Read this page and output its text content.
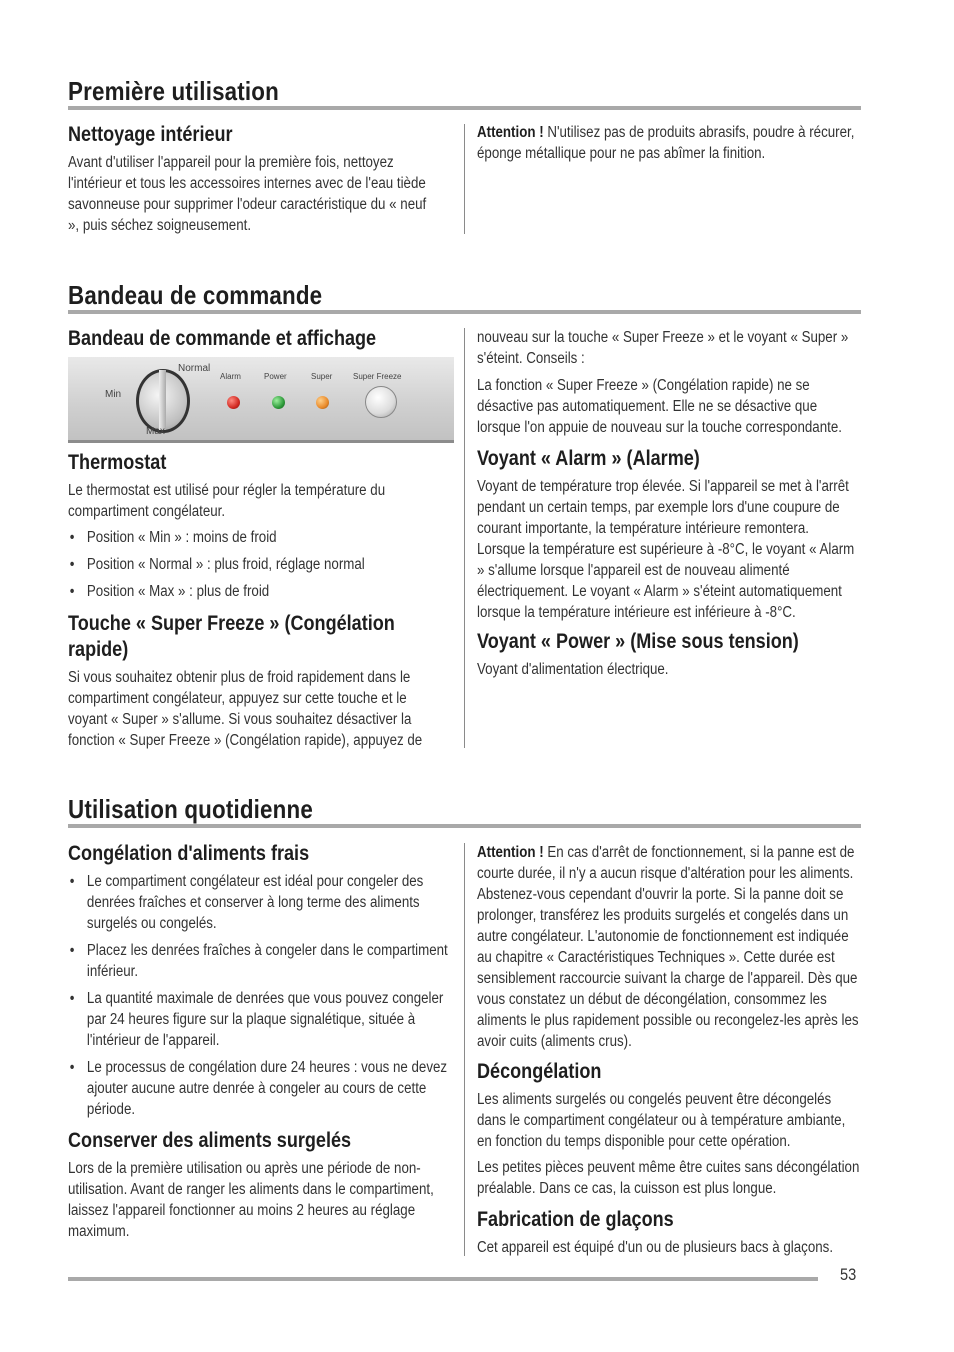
Première utilisation
Nettoyage intérieur
Avant d'utiliser l'appareil pour la première fois, nettoyez l'intérieur et tous les accessoires internes avec de l'eau tiède savonneuse pour supprimer l'odeur caractéristique du « neuf », puis séchez soigneusement.
Attention ! N'utilisez pas de produits abrasifs, poudre à récurer, éponge métallique pour ne pas abîmer la finition.
Bandeau de commande
Bandeau de commande et affichage
Normal
Min
Max
Alarm	Power	Super	Super Freeze
Thermostat
Le thermostat est utilisé pour régler la température du compartiment congélateur.
• Position « Min » : moins de froid
• Position « Normal » : plus froid, réglage normal
• Position « Max » : plus de froid
Touche « Super Freeze » (Congélation rapide)
Si vous souhaitez obtenir plus de froid rapidement dans le compartiment congélateur, appuyez sur cette touche et le voyant « Super » s'allume. Si vous souhaitez désactiver la fonction « Super Freeze » (Congélation rapide), appuyez de
nouveau sur la touche « Super Freeze » et le voyant « Super » s'éteint. Conseils :
La fonction « Super Freeze » (Congélation rapide) ne se désactive pas automatiquement. Elle ne se désactive que lorsque l'on appuie de nouveau sur la touche correspondante.
Voyant « Alarm » (Alarme)
Voyant de température trop élevée. Si l'appareil se met à l'arrêt pendant un certain temps, par exemple lors d'une coupure de courant importante, la température intérieure remontera. Lorsque la température est supérieure à -8°C, le voyant « Alarm » s'allume lorsque l'appareil est de nouveau alimenté électriquement. Le voyant « Alarm » s'éteint automatiquement lorsque la température intérieure est inférieure à -8°C.
Voyant « Power » (Mise sous tension)
Voyant d'alimentation électrique.
Utilisation quotidienne
Congélation d'aliments frais
• Le compartiment congélateur est idéal pour congeler des denrées fraîches et conserver à long terme des aliments surgelés ou congelés.
• Placez les denrées fraîches à congeler dans le compartiment inférieur.
• La quantité maximale de denrées que vous pouvez congeler par 24 heures figure sur la plaque signalétique, située à l'intérieur de l'appareil.
• Le processus de congélation dure 24 heures : vous ne devez ajouter aucune autre denrée à congeler au cours de cette période.
Conserver des aliments surgelés
Lors de la première utilisation ou après une période de non-utilisation. Avant de ranger les aliments dans le compartiment, laissez l'appareil fonctionner au moins 2 heures au réglage maximum.
Attention ! En cas d'arrêt de fonctionnement, si la panne est de courte durée, il n'y a aucun risque d'altération pour les aliments. Abstenez-vous cependant d'ouvrir la porte. Si la panne doit se prolonger, transférez les produits surgelés et congelés dans un autre congélateur. L'autonomie de fonctionnement est indiquée au chapitre « Caractéristiques Techniques ». Cette durée est sensiblement raccourcie suivant la charge de l'appareil. Dès que vous constatez un début de décongélation, consommez les aliments le plus rapidement possible ou recongelez-les après les avoir cuits (aliments crus).
Décongélation
Les aliments surgelés ou congelés peuvent être décongelés dans le compartiment congélateur ou à température ambiante, en fonction du temps disponible pour cette opération.
Les petites pièces peuvent même être cuites sans décongélation préalable. Dans ce cas, la cuisson est plus longue.
Fabrication de glaçons
Cet appareil est équipé d'un ou de plusieurs bacs à glaçons.
53
